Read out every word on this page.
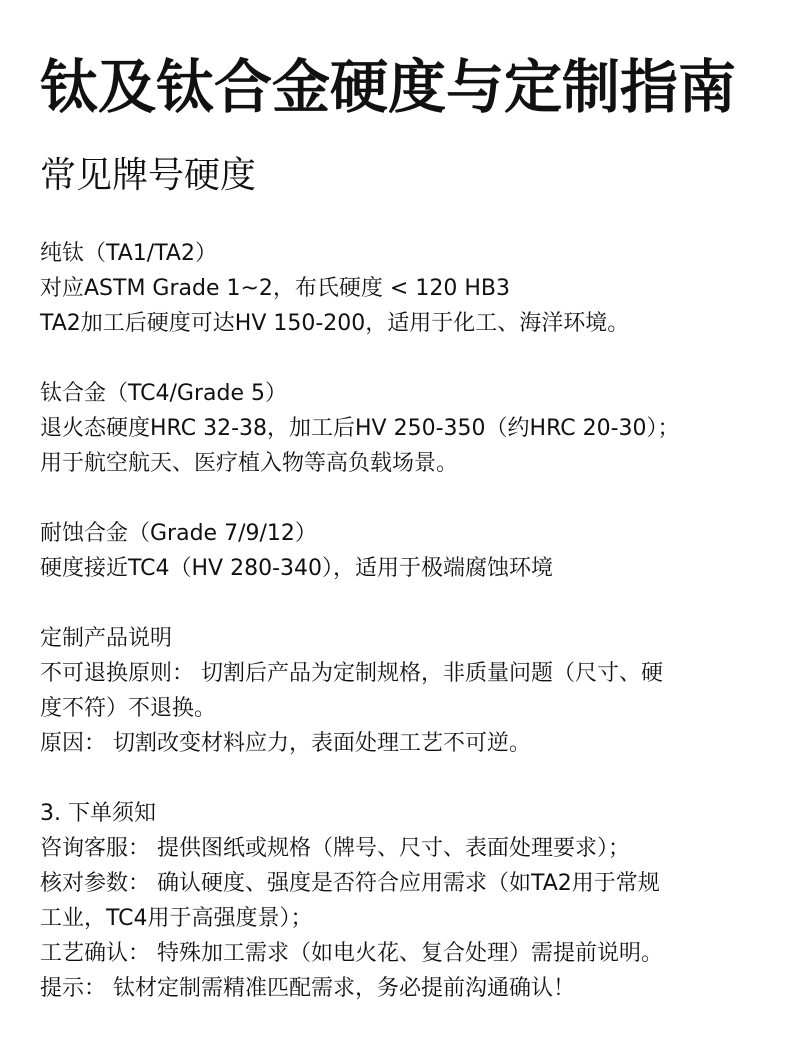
钛及钛合金硬度与定制指南
常见牌号硬度
纯钛（TA1/TA2）
对应ASTM Grade 1~2，布氏硬度 < 120 HB3
TA2加工后硬度可达HV 150-200，适用于化工、海洋环境。
钛合金（TC4/Grade 5）
退火态硬度HRC 32-38，加工后HV 250-350（约HRC 20-30）；
用于航空航天、医疗植入物等高负载场景。
耐蚀合金（Grade 7/9/12）
硬度接近TC4（HV 280-340），适用于极端腐蚀环境
定制产品说明
不可退换原则： 切割后产品为定制规格，非质量问题（尺寸、硬
度不符）不退换。
原因： 切割改变材料应力，表面处理工艺不可逆。
3. 下单须知
咨询客服： 提供图纸或规格（牌号、尺寸、表面处理要求）；
核对参数： 确认硬度、强度是否符合应用需求（如TA2用于常规
工业，TC4用于高强度景）；
工艺确认： 特殊加工需求（如电火花、复合处理）需提前说明。
提示： 钛材定制需精准匹配需求，务必提前沟通确认！
